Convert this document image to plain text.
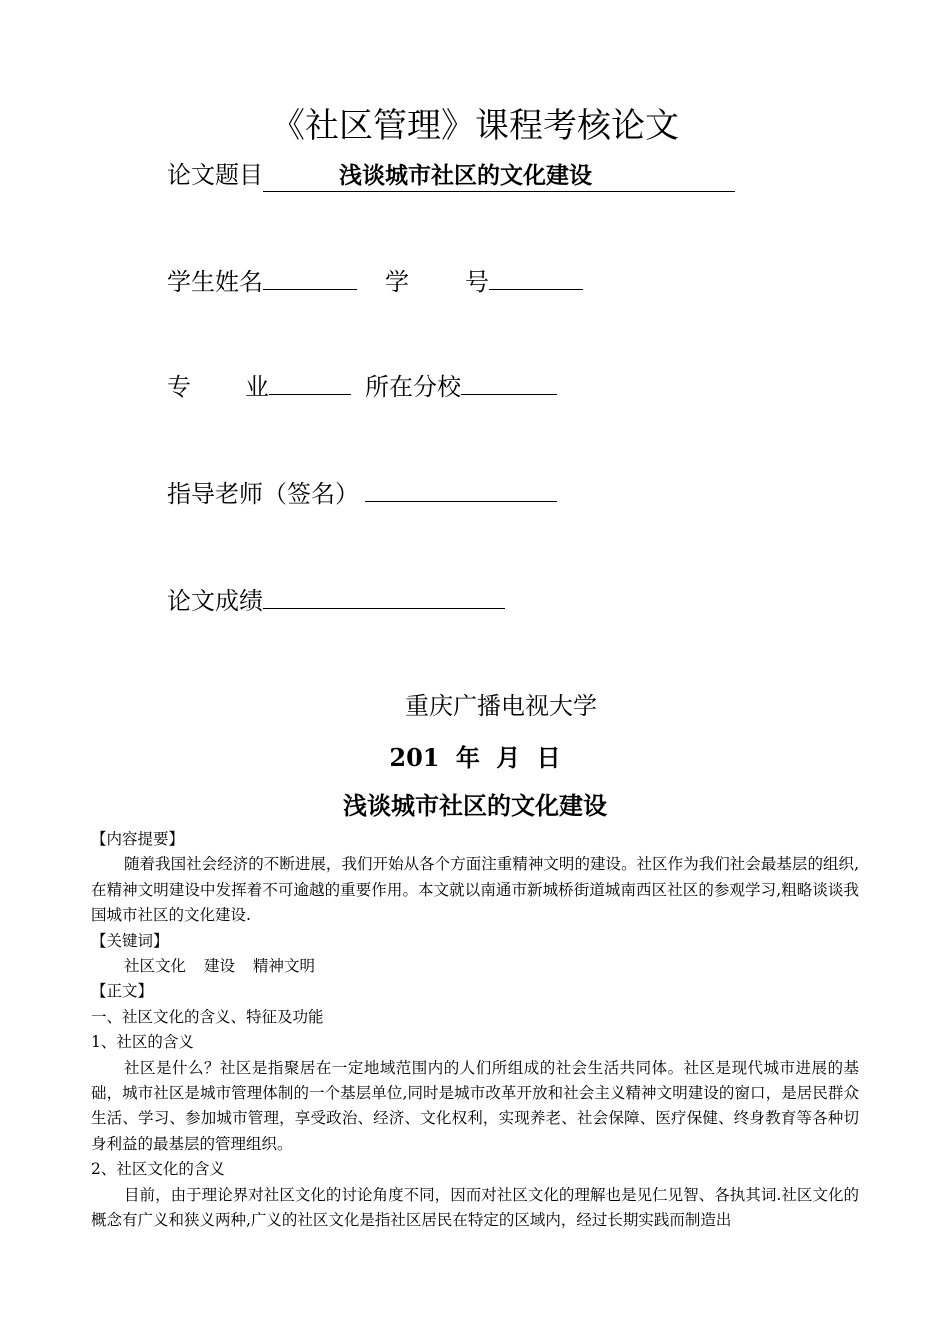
《社区管理》课程考核论文
论文题目	浅谈城市社区的文化建设
学生姓名	学 号
专 业	所在分校
指导老师（签名）
论文成绩
重庆广播电视大学
201 年 月 日
浅谈城市社区的文化建设

【内容提要】

随着我国社会经济的不断进展，我们开始从各个方面注重精神文明的建设。社区作为我们社会最基层的组织,在精神文明建设中发挥着不可逾越的重要作用。本文就以南通市新城桥街道城南西区社区的参观学习,粗略谈谈我国城市社区的文化建设.

【关键词】

社区文化 建设 精神文明

【正文】

一、社区文化的含义、特征及功能

1、社区的含义

社区是什么？社区是指聚居在一定地域范围内的人们所组成的社会生活共同体。社区是现代城市进展的基础，城市社区是城市管理体制的一个基层单位,同时是城市改革开放和社会主义精神文明建设的窗口，是居民群众生活、学习、参加城市管理，享受政治、经济、文化权利，实现养老、社会保障、医疗保健、终身教育等各种切身利益的最基层的管理组织。

2、社区文化的含义

目前，由于理论界对社区文化的讨论角度不同，因而对社区文化的理解也是见仁见智、各执其词.社区文化的概念有广义和狭义两种,广义的社区文化是指社区居民在特定的区域内，经过长期实践而制造出
